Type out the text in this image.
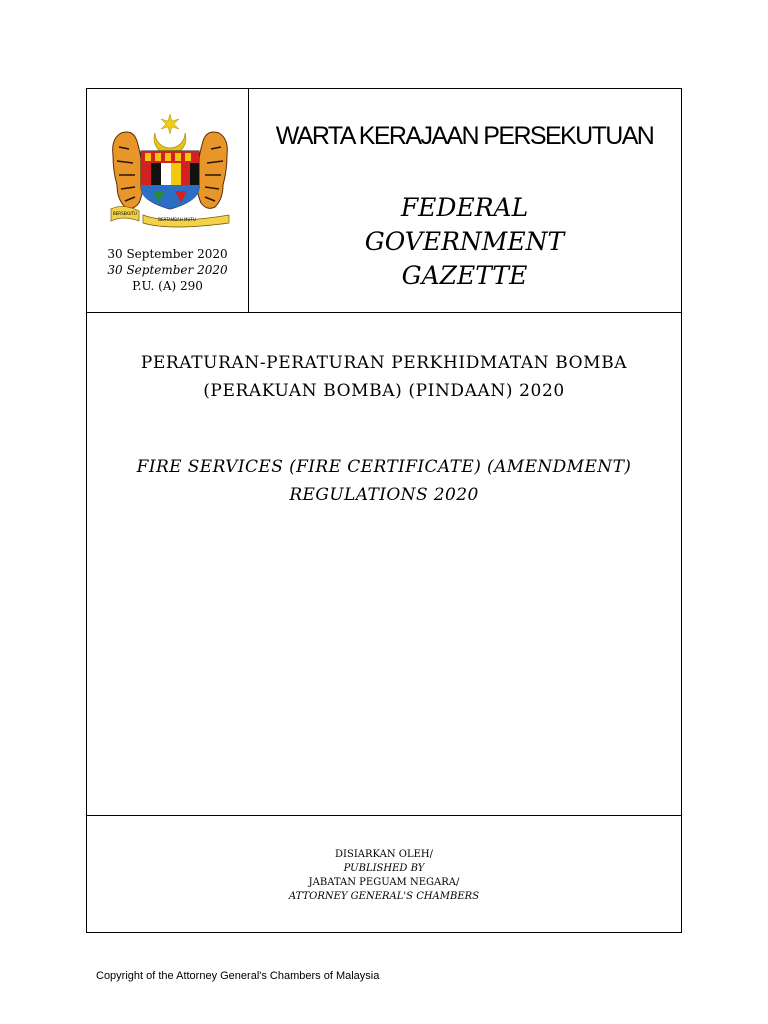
BERSEKUTU
BERTAMBAH MUTU
30 September 2020
30 September 2020
P.U. (A) 290
WARTA KERAJAAN PERSEKUTUAN
FEDERAL GOVERNMENT GAZETTE
PERATURAN-PERATURAN PERKHIDMATAN BOMBA
(PERAKUAN BOMBA) (PINDAAN) 2020
FIRE SERVICES (FIRE CERTIFICATE) (AMENDMENT)
REGULATIONS 2020
DISIARKAN OLEH/
PUBLISHED BY
JABATAN PEGUAM NEGARA/
ATTORNEY GENERAL'S CHAMBERS
Copyright of the Attorney General's Chambers of Malaysia
